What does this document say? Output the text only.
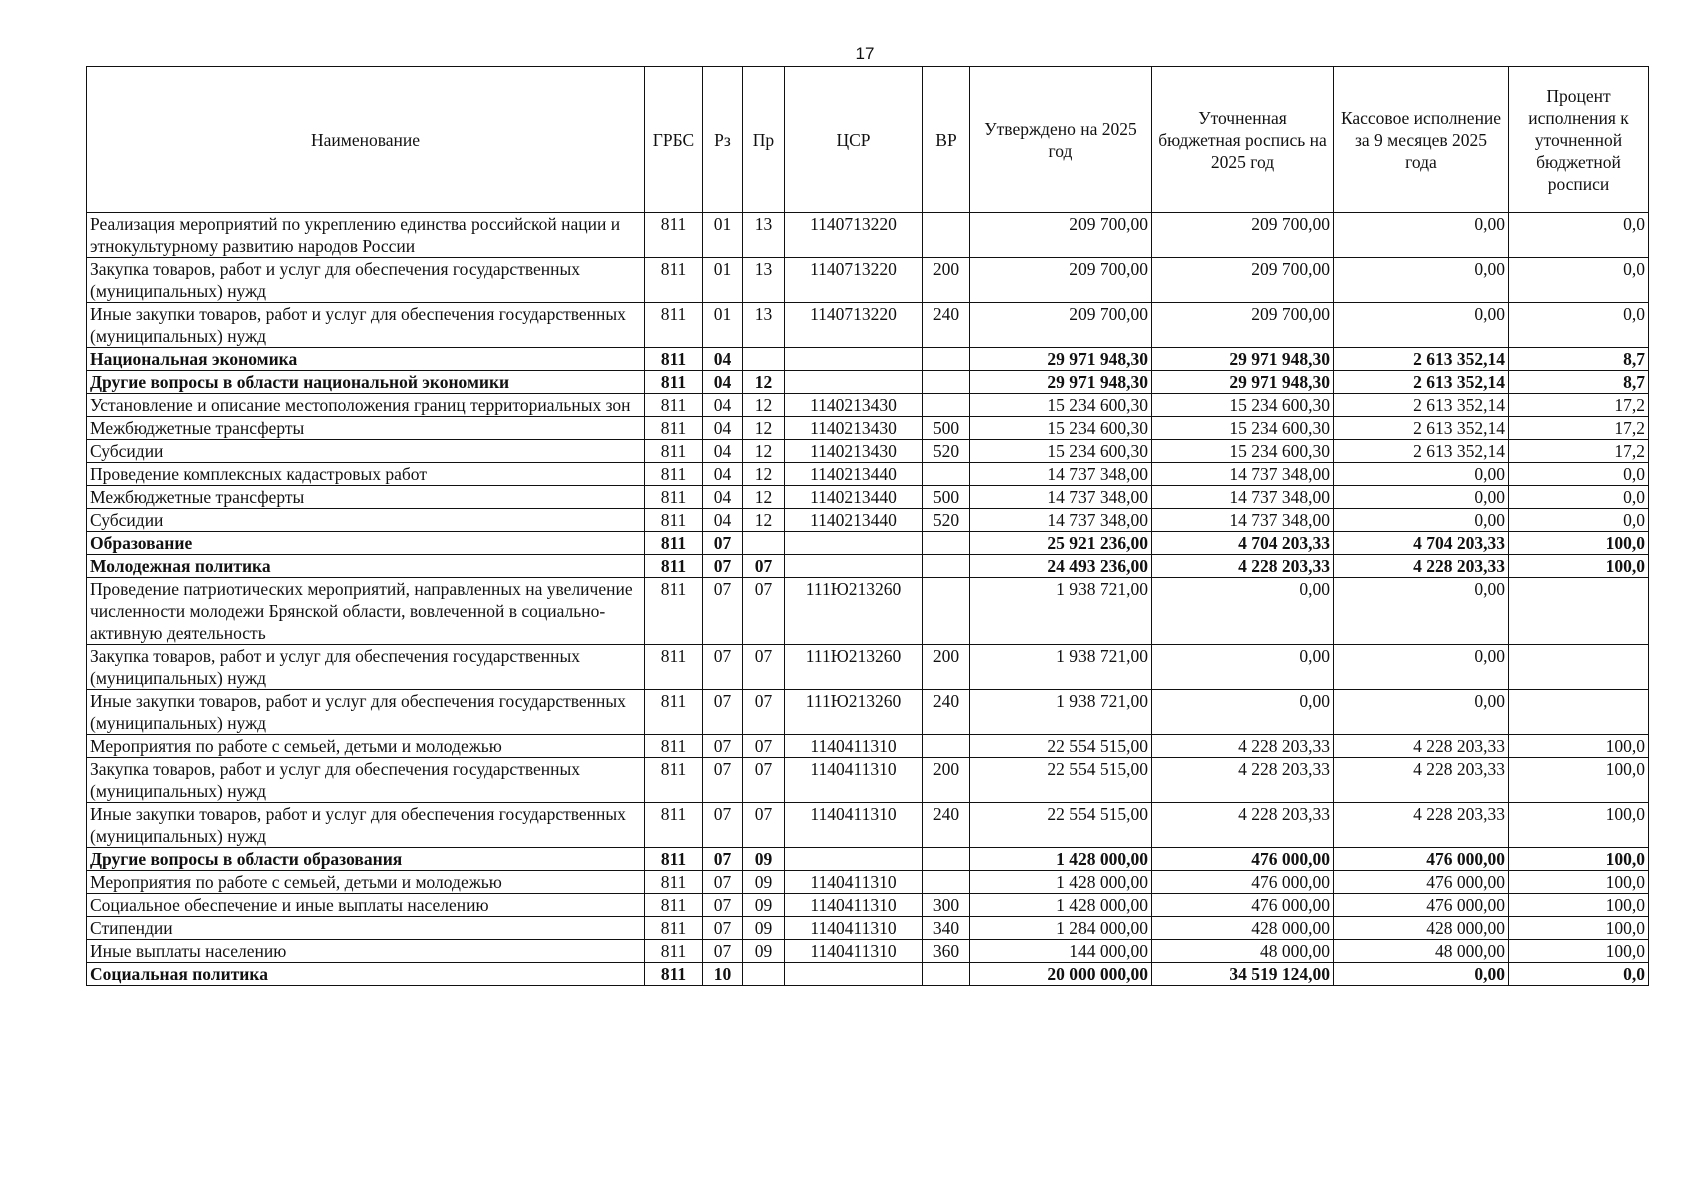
17
Наименование	ГРБС	Рз	Пр	ЦСР	ВР	Утверждено на 2025 год	Уточненная бюджетная роспись на 2025 год	Кассовое исполнение за 9 месяцев 2025 года	Процент исполнения к уточненной бюджетной росписи
Реализация мероприятий по укреплению единства российской нации и этнокультурному развитию народов России	811	01	13	1140713220		209 700,00	209 700,00	0,00	0,0
Закупка товаров, работ и услуг для обеспечения государственных (муниципальных) нужд	811	01	13	1140713220	200	209 700,00	209 700,00	0,00	0,0
Иные закупки товаров, работ и услуг для обеспечения государственных (муниципальных) нужд	811	01	13	1140713220	240	209 700,00	209 700,00	0,00	0,0
Национальная экономика	811	04				29 971 948,30	29 971 948,30	2 613 352,14	8,7
Другие вопросы в области национальной экономики	811	04	12			29 971 948,30	29 971 948,30	2 613 352,14	8,7
Установление и описание местоположения границ территориальных зон	811	04	12	1140213430		15 234 600,30	15 234 600,30	2 613 352,14	17,2
Межбюджетные трансферты	811	04	12	1140213430	500	15 234 600,30	15 234 600,30	2 613 352,14	17,2
Субсидии	811	04	12	1140213430	520	15 234 600,30	15 234 600,30	2 613 352,14	17,2
Проведение комплексных кадастровых работ	811	04	12	1140213440		14 737 348,00	14 737 348,00	0,00	0,0
Межбюджетные трансферты	811	04	12	1140213440	500	14 737 348,00	14 737 348,00	0,00	0,0
Субсидии	811	04	12	1140213440	520	14 737 348,00	14 737 348,00	0,00	0,0
Образование	811	07				25 921 236,00	4 704 203,33	4 704 203,33	100,0
Молодежная политика	811	07	07			24 493 236,00	4 228 203,33	4 228 203,33	100,0
Проведение патриотических мероприятий, направленных на увеличение численности молодежи Брянской области, вовлеченной в социально-активную деятельность	811	07	07	111Ю213260		1 938 721,00	0,00	0,00	
Закупка товаров, работ и услуг для обеспечения государственных (муниципальных) нужд	811	07	07	111Ю213260	200	1 938 721,00	0,00	0,00	
Иные закупки товаров, работ и услуг для обеспечения государственных (муниципальных) нужд	811	07	07	111Ю213260	240	1 938 721,00	0,00	0,00	
Мероприятия по работе с семьей, детьми и молодежью	811	07	07	1140411310		22 554 515,00	4 228 203,33	4 228 203,33	100,0
Закупка товаров, работ и услуг для обеспечения государственных (муниципальных) нужд	811	07	07	1140411310	200	22 554 515,00	4 228 203,33	4 228 203,33	100,0
Иные закупки товаров, работ и услуг для обеспечения государственных (муниципальных) нужд	811	07	07	1140411310	240	22 554 515,00	4 228 203,33	4 228 203,33	100,0
Другие вопросы в области образования	811	07	09			1 428 000,00	476 000,00	476 000,00	100,0
Мероприятия по работе с семьей, детьми и молодежью	811	07	09	1140411310		1 428 000,00	476 000,00	476 000,00	100,0
Социальное обеспечение и иные выплаты населению	811	07	09	1140411310	300	1 428 000,00	476 000,00	476 000,00	100,0
Стипендии	811	07	09	1140411310	340	1 284 000,00	428 000,00	428 000,00	100,0
Иные выплаты населению	811	07	09	1140411310	360	144 000,00	48 000,00	48 000,00	100,0
Социальная политика	811	10				20 000 000,00	34 519 124,00	0,00	0,0
